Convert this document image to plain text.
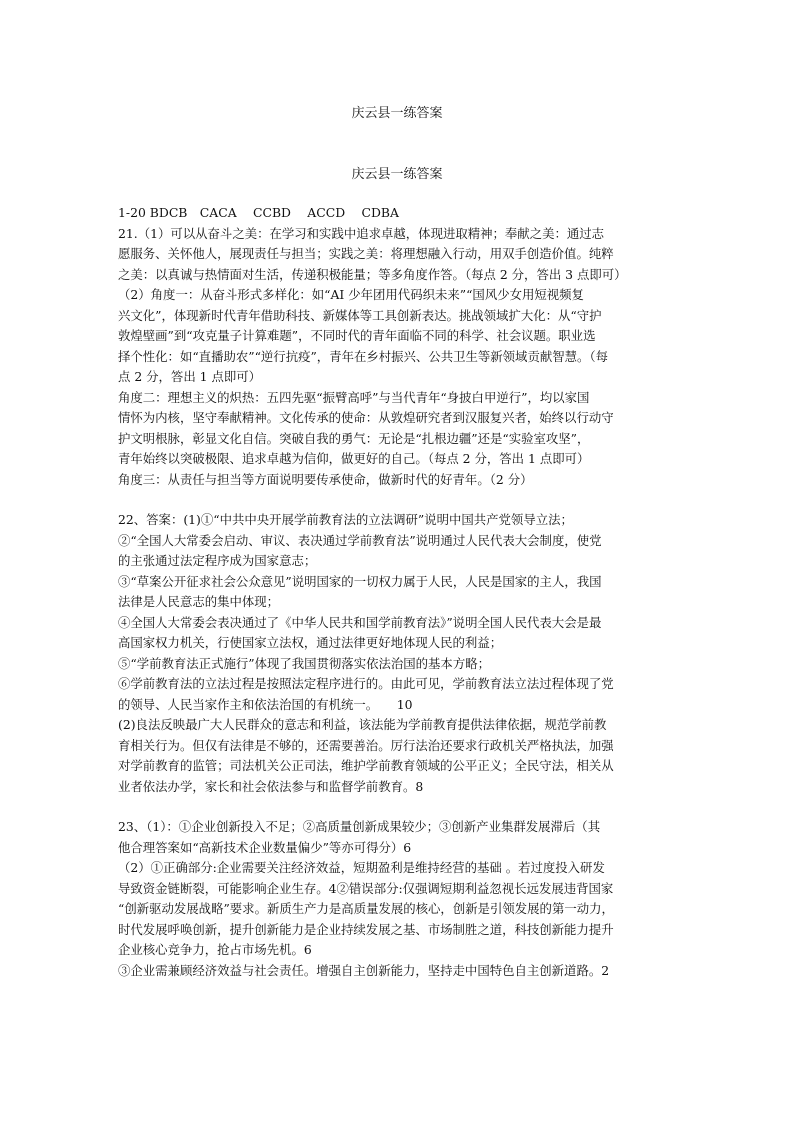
庆云县一练答案
庆云县一练答案

1-20 BDCB　CACA　 CCBD　 ACCD　 CDBA

21.（1）可以从奋斗之美：在学习和实践中追求卓越，体现进取精神；奉献之美：通过志

愿服务、关怀他人，展现责任与担当；实践之美：将理想融入行动，用双手创造价值。纯粹

之美：以真诚与热情面对生活，传递积极能量；等多角度作答。（每点 2 分，答出 3 点即可）

（2）角度一：从奋斗形式多样化：如“AI 少年团用代码织未来”“国风少女用短视频复

兴文化”，体现新时代青年借助科技、新媒体等工具创新表达。挑战领域扩大化：从“守护

敦煌壁画”到“攻克量子计算难题”，不同时代的青年面临不同的科学、社会议题。职业选

择个性化：如“直播助农”“逆行抗疫”，青年在乡村振兴、公共卫生等新领域贡献智慧。（每

点 2 分，答出 1 点即可）

角度二：理想主义的炽热：五四先驱“振臂高呼”与当代青年“身披白甲逆行”，均以家国

情怀为内核，坚守奉献精神。文化传承的使命：从敦煌研究者到汉服复兴者，始终以行动守

护文明根脉，彰显文化自信。突破自我的勇气：无论是“扎根边疆”还是“实验室攻坚”，

青年始终以突破极限、追求卓越为信仰，做更好的自己。（每点 2 分，答出 1 点即可）

角度三：从责任与担当等方面说明要传承使命，做新时代的好青年。（2 分）

22、答案：(1)①“中共中央开展学前教育法的立法调研”说明中国共产党领导立法；

②“全国人大常委会启动、审议、表决通过学前教育法”说明通过人民代表大会制度，使党

的主张通过法定程序成为国家意志；

③“草案公开征求社会公众意见”说明国家的一切权力属于人民，人民是国家的主人，我国

法律是人民意志的集中体现；

④全国人大常委会表决通过了《中华人民共和国学前教育法》”说明全国人民代表大会是最

高国家权力机关，行使国家立法权，通过法律更好地体现人民的利益；

⑤“学前教育法正式施行”体现了我国贯彻落实依法治国的基本方略；

⑥学前教育法的立法过程是按照法定程序进行的。由此可见，学前教育法立法过程体现了党

的领导、人民当家作主和依法治国的有机统一。　　10

(2)良法反映最广大人民群众的意志和利益，该法能为学前教育提供法律依据，规范学前教

育相关行为。但仅有法律是不够的，还需要善治。厉行法治还要求行政机关严格执法，加强

对学前教育的监管；司法机关公正司法，维护学前教育领域的公平正义；全民守法，相关从

业者依法办学，家长和社会依法参与和监督学前教育。8

23、（1）：①企业创新投入不足；②高质量创新成果较少；③创新产业集群发展滞后（其

他合理答案如“高新技术企业数量偏少”等亦可得分）6

（2）①正确部分:企业需要关注经济效益，短期盈利是维持经营的基础 。若过度投入研发

导致资金链断裂，可能影响企业生存。4②错误部分:仅强调短期利益忽视长远发展违背国家

“创新驱动发展战略”要求。新质生产力是高质量发展的核心，创新是引领发展的第一动力，

时代发展呼唤创新，提升创新能力是企业持续发展之基、市场制胜之道，科技创新能力提升

企业核心竞争力，抢占市场先机。6

③企业需兼顾经济效益与社会责任。增强自主创新能力，坚持走中国特色自主创新道路。2
